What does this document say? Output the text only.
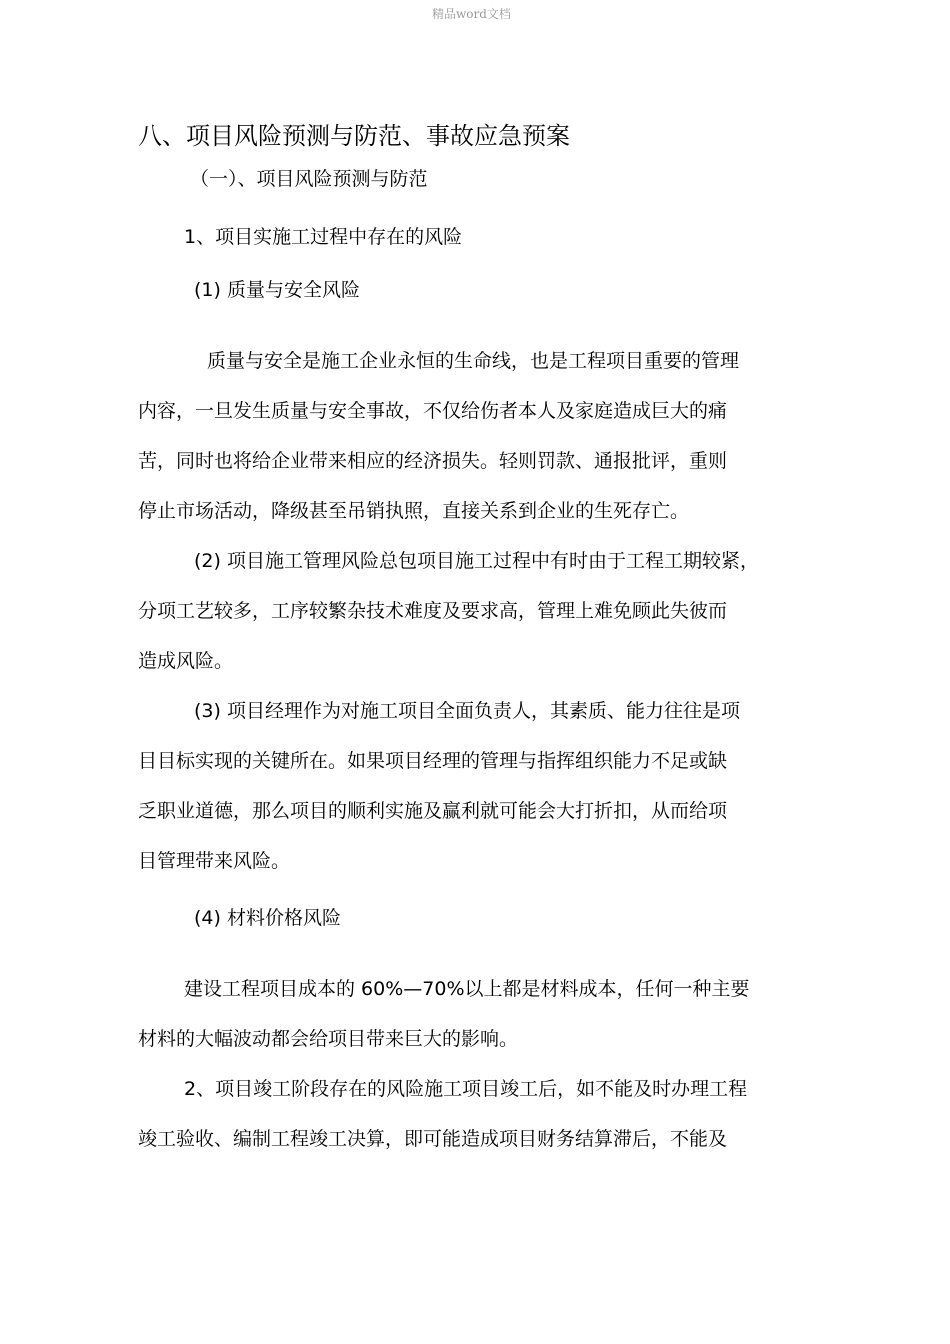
精品word文档
八、项目风险预测与防范、事故应急预案
（一）、项目风险预测与防范
1、项目实施工过程中存在的风险
(1) 质量与安全风险
质量与安全是施工企业永恒的生命线，也是工程项目重要的管理
内容，一旦发生质量与安全事故，不仅给伤者本人及家庭造成巨大的痛
苦，同时也将给企业带来相应的经济损失。轻则罚款、通报批评，重则
停止市场活动，降级甚至吊销执照，直接关系到企业的生死存亡。
(2) 项目施工管理风险总包项目施工过程中有时由于工程工期较紧，
分项工艺较多，工序较繁杂技术难度及要求高，管理上难免顾此失彼而
造成风险。
(3) 项目经理作为对施工项目全面负责人，其素质、能力往往是项
目目标实现的关键所在。如果项目经理的管理与指挥组织能力不足或缺
乏职业道德，那么项目的顺利实施及赢利就可能会大打折扣，从而给项
目管理带来风险。
(4) 材料价格风险
建设工程项目成本的 60%—70%以上都是材料成本，任何一种主要
材料的大幅波动都会给项目带来巨大的影响。
2、项目竣工阶段存在的风险施工项目竣工后，如不能及时办理工程
竣工验收、编制工程竣工决算，即可能造成项目财务结算滞后，不能及
